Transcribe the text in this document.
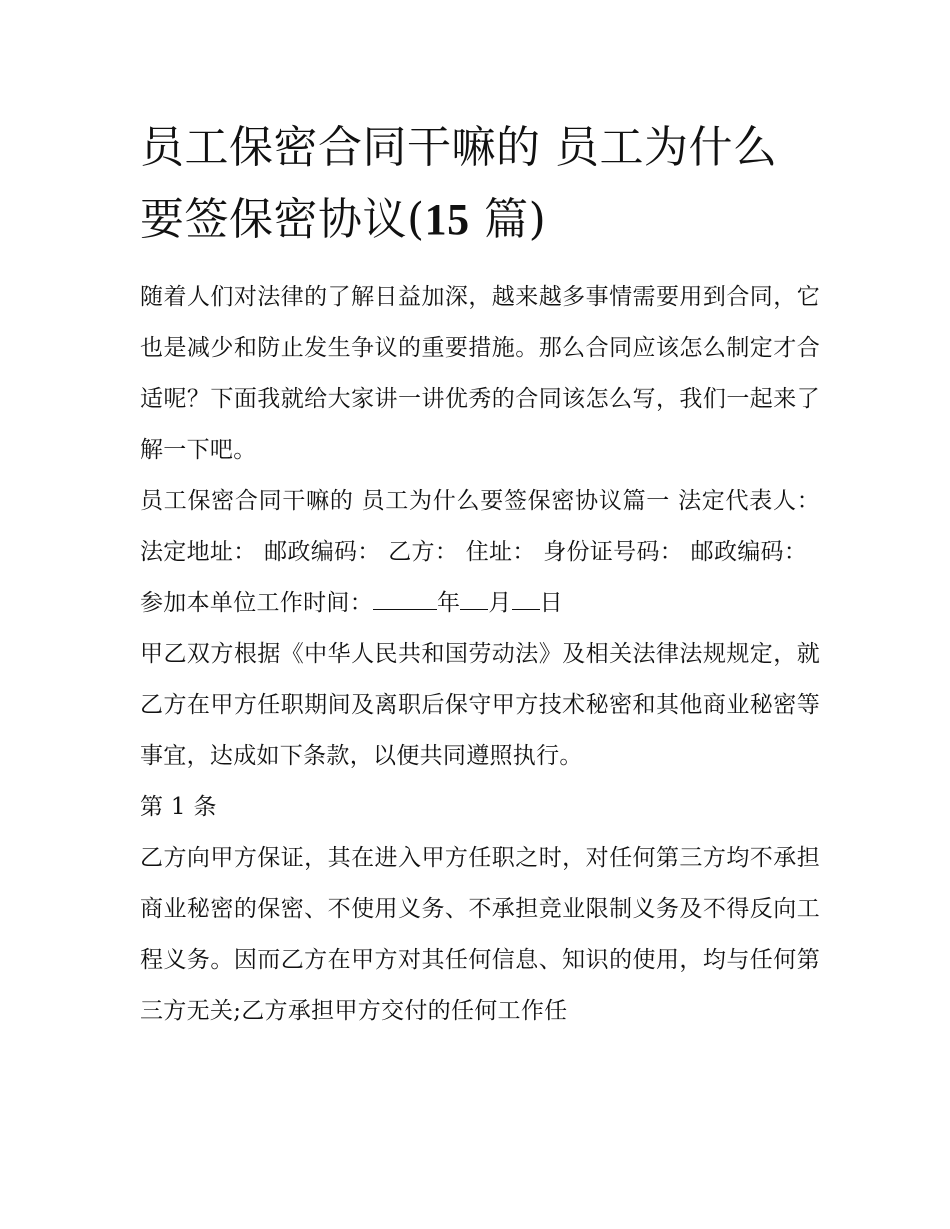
员工保密合同干嘛的 员工为什么要签保密协议(15 篇)

随着人们对法律的了解日益加深，越来越多事情需要用到合同，它也是减少和防止发生争议的重要措施。那么合同应该怎么制定才合适呢？下面我就给大家讲一讲优秀的合同该怎么写，我们一起来了解一下吧。

员工保密合同干嘛的 员工为什么要签保密协议篇一 法定代表人： 法定地址： 邮政编码： 乙方： 住址： 身份证号码： 邮政编码：

参加本单位工作时间：	年 月 日

甲乙双方根据《中华人民共和国劳动法》及相关法律法规规定，就乙方在甲方任职期间及离职后保守甲方技术秘密和其他商业秘密等事宜，达成如下条款，以便共同遵照执行。

第 1 条

乙方向甲方保证，其在进入甲方任职之时，对任何第三方均不承担商业秘密的保密、不使用义务、不承担竞业限制义务及不得反向工程义务。因而乙方在甲方对其任何信息、知识的使用，均与任何第三方无关;乙方承担甲方交付的任何工作任
